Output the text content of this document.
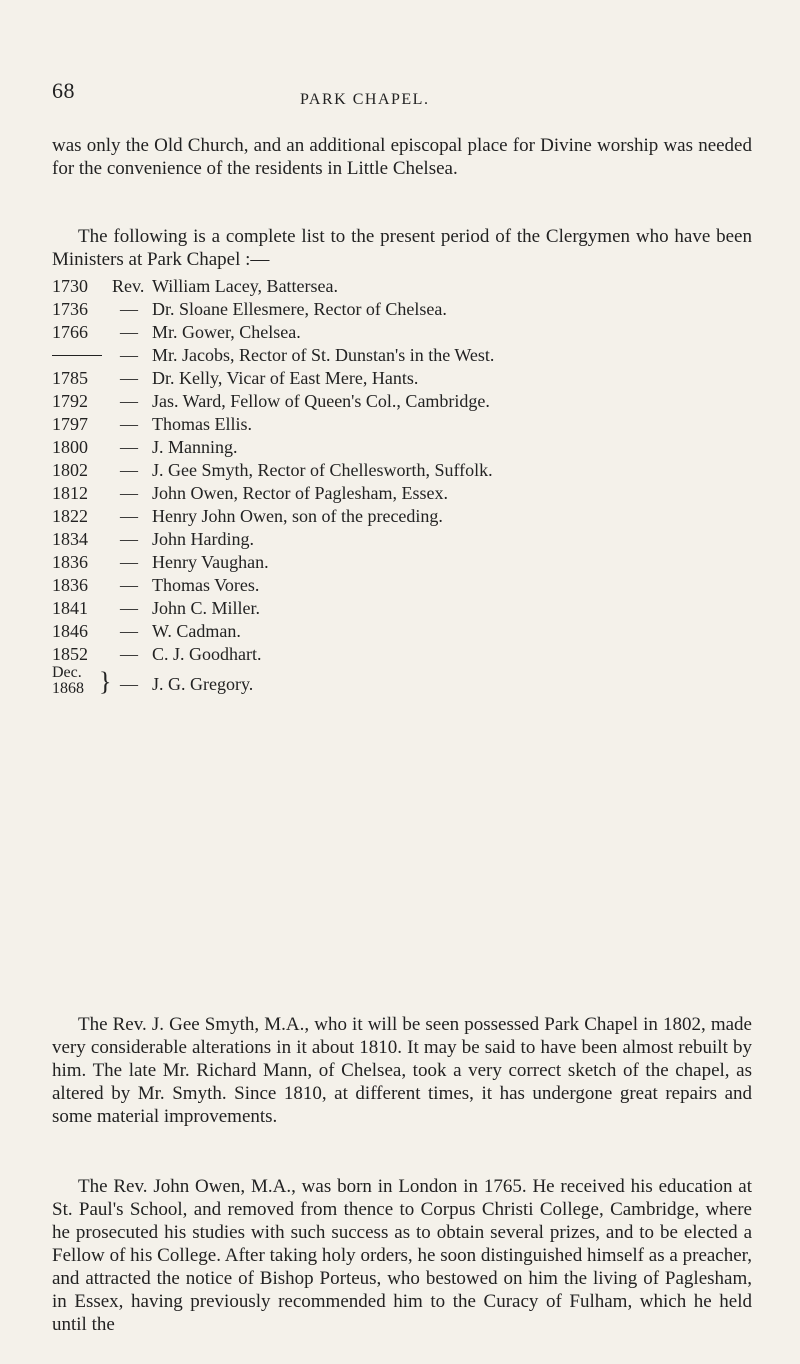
68	PARK CHAPEL.

was only the Old Church, and an additional episcopal place for Divine worship was needed for the convenience of the residents in Little Chelsea.

The following is a complete list to the present period of the Clergymen who have been Ministers at Park Chapel :—

1730	Rev. William Lacey, Battersea.
1736	— Dr. Sloane Ellesmere, Rector of Chelsea.
1766	— Mr. Gower, Chelsea.
— Mr. Jacobs, Rector of St. Dunstan's in the West.
1785	— Dr. Kelly, Vicar of East Mere, Hants.
1792	— Jas. Ward, Fellow of Queen's Col., Cambridge.
1797	— Thomas Ellis.
1800	— J. Manning.
1802	— J. Gee Smyth, Rector of Chellesworth, Suffolk.
1812	— John Owen, Rector of Paglesham, Essex.
1822	— Henry John Owen, son of the preceding.
1834	— John Harding.
1836	— Henry Vaughan.
1836	— Thomas Vores.
1841	— John C. Miller.
1846	— W. Cadman.
1852	— C. J. Goodhart.
Dec.
1868 } — J. G. Gregory.

The Rev. J. Gee Smyth, M.A., who it will be seen possessed Park Chapel in 1802, made very considerable alterations in it about 1810. It may be said to have been almost rebuilt by him. The late Mr. Richard Mann, of Chelsea, took a very correct sketch of the chapel, as altered by Mr. Smyth. Since 1810, at different times, it has undergone great repairs and some material improvements.

The Rev. John Owen, M.A., was born in London in 1765. He received his education at St. Paul's School, and removed from thence to Corpus Christi College, Cambridge, where he prosecuted his studies with such success as to obtain several prizes, and to be elected a Fellow of his College. After taking holy orders, he soon distinguished himself as a preacher, and attracted the notice of Bishop Porteus, who bestowed on him the living of Paglesham, in Essex, having previously recommended him to the Curacy of Fulham, which he held until the
